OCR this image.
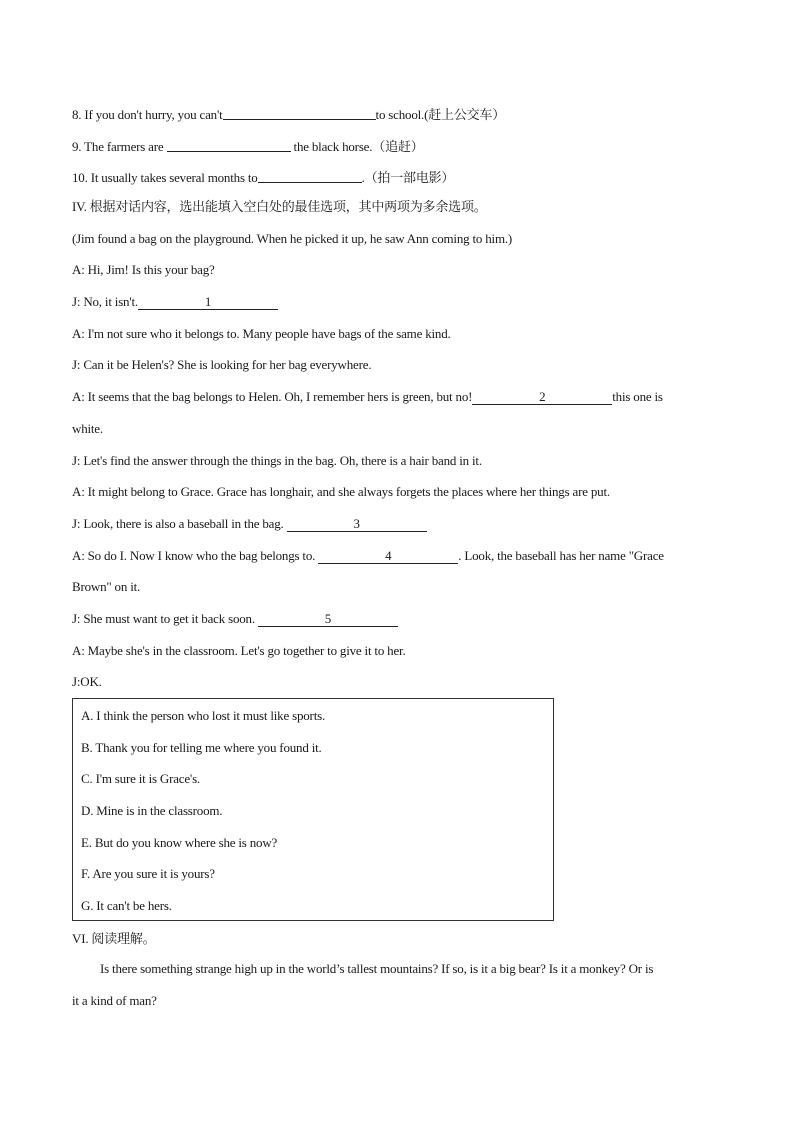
8. If you don't hurry, you can't	to school.(赶上公交车）
9. The farmers are	the black horse.（追赶）
10. It usually takes several months to	.（拍一部电影）
IV. 根据对话内容，选出能填入空白处的最佳选项，其中两项为多余选项。
(Jim found a bag on the playground. When he picked it up, he saw Ann coming to him.)
A: Hi, Jim! Is this your bag?
J: No, it isn't.	1
A: I'm not sure who it belongs to. Many people have bags of the same kind.
J: Can it be Helen's? She is looking for her bag everywhere.
A: It seems that the bag belongs to Helen. Oh, I remember hers is green, but no!	2	this one is
white.
J: Let's find the answer through the things in the bag. Oh, there is a hair band in it.
A: It might belong to Grace. Grace has longhair, and she always forgets the places where her things are put.
J: Look, there is also a baseball in the bag.	3
A: So do I. Now I know who the bag belongs to.	4	. Look, the baseball has her name "Grace
Brown" on it.
J: She must want to get it back soon.	5
A: Maybe she's in the classroom. Let's go together to give it to her.
J:OK.
A. I think the person who lost it must like sports.
B. Thank you for telling me where you found it.
C. I'm sure it is Grace's.
D. Mine is in the classroom.
E. But do you know where she is now?
F. Are you sure it is yours?
G. It can't be hers.
VI. 阅读理解。
Is there something strange high up in the world’s tallest mountains? If so, is it a big bear? Is it a monkey? Or is
it a kind of man?
